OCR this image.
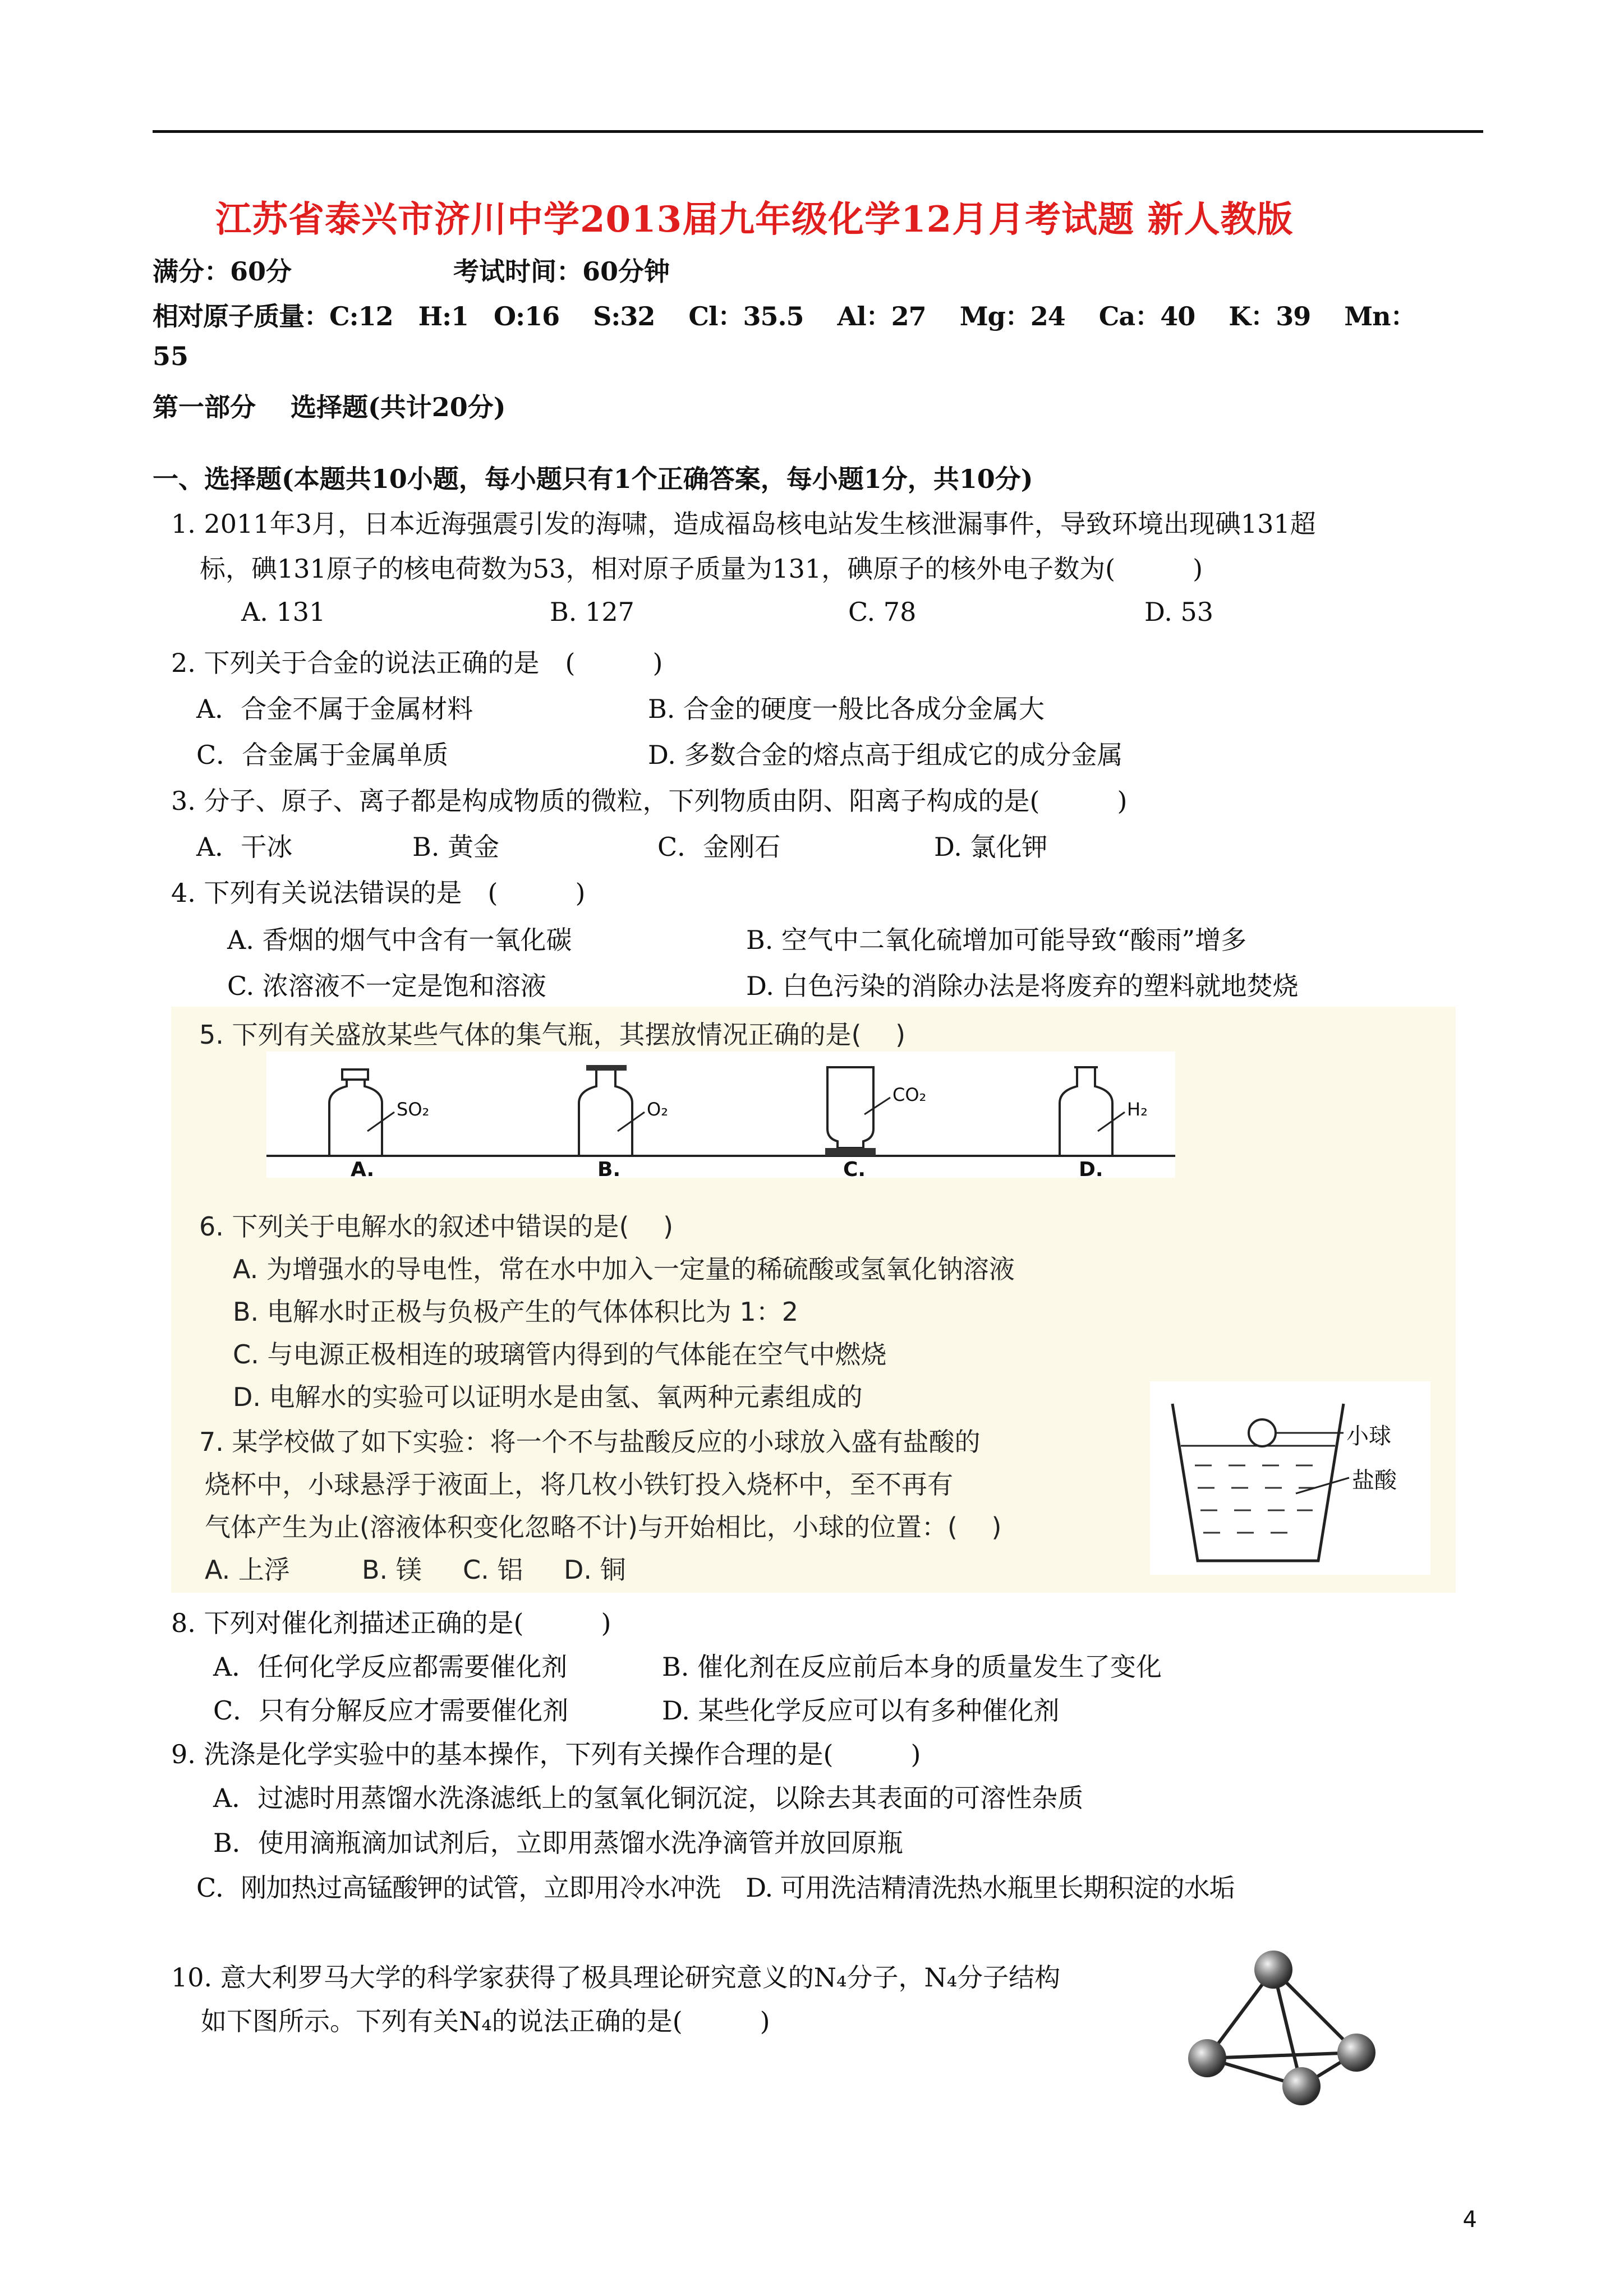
江苏省泰兴市济川中学2013届九年级化学12月月考试题 新人教版
满分：60分	考试时间：60分钟
相对原子质量：C:12　H:1　O:16　 S:32　 Cl：35.5　 Al：27　 Mg：24　 Ca：40　 K：39　 Mn：
55
第一部分　 选择题(共计20分)
一、选择题(本题共10小题，每小题只有1个正确答案，每小题1分，共10分)
1. 2011年3月，日本近海强震引发的海啸，造成福岛核电站发生核泄漏事件，导致环境出现碘131超
标，碘131原子的核电荷数为53，相对原子质量为131，碘原子的核外电子数为(　　　)
A. 131	B. 127	C. 78	D. 53
2. 下列关于合金的说法正确的是　(　　　)
A．合金不属于金属材料	B. 合金的硬度一般比各成分金属大
C．合金属于金属单质	D. 多数合金的熔点高于组成它的成分金属
3. 分子、原子、离子都是构成物质的微粒，下列物质由阴、阳离子构成的是(　　　)
A．干冰	B. 黄金	C．金刚石	D. 氯化钾
4. 下列有关说法错误的是　(　　　)
A. 香烟的烟气中含有一氧化碳	B. 空气中二氧化硫增加可能导致“酸雨”增多
C. 浓溶液不一定是饱和溶液	D. 白色污染的消除办法是将废弃的塑料就地焚烧
5. 下列有关盛放某些气体的集气瓶，其摆放情况正确的是(　 )
SO₂	O₂
CO₂
H₂
A.	B.	C.	D.
6. 下列关于电解水的叙述中错误的是(　 )
A. 为增强水的导电性，常在水中加入一定量的稀硫酸或氢氧化钠溶液
B. 电解水时正极与负极产生的气体体积比为 1：2
C. 与电源正极相连的玻璃管内得到的气体能在空气中燃烧
D. 电解水的实验可以证明水是由氢、氧两种元素组成的
7. 某学校做了如下实验：将一个不与盐酸反应的小球放入盛有盐酸的
烧杯中，小球悬浮于液面上，将几枚小铁钉投入烧杯中，至不再有
气体产生为止(溶液体积变化忽略不计)与开始相比，小球的位置：(　 )
A. 上浮	B. 镁 C. 铝 D. 铜
小球
盐酸
8. 下列对催化剂描述正确的是(　　　)
A．任何化学反应都需要催化剂	B. 催化剂在反应前后本身的质量发生了变化
C．只有分解反应才需要催化剂	D. 某些化学反应可以有多种催化剂
9. 洗涤是化学实验中的基本操作，下列有关操作合理的是(　　　)
A．过滤时用蒸馏水洗涤滤纸上的氢氧化铜沉淀，以除去其表面的可溶性杂质
B．使用滴瓶滴加试剂后，立即用蒸馏水洗净滴管并放回原瓶
C．刚加热过高锰酸钾的试管，立即用冷水冲洗　D. 可用洗洁精清洗热水瓶里长期积淀的水垢
10. 意大利罗马大学的科学家获得了极具理论研究意义的N₄分子，N₄分子结构
如下图所示。下列有关N₄的说法正确的是(　　　)
4
